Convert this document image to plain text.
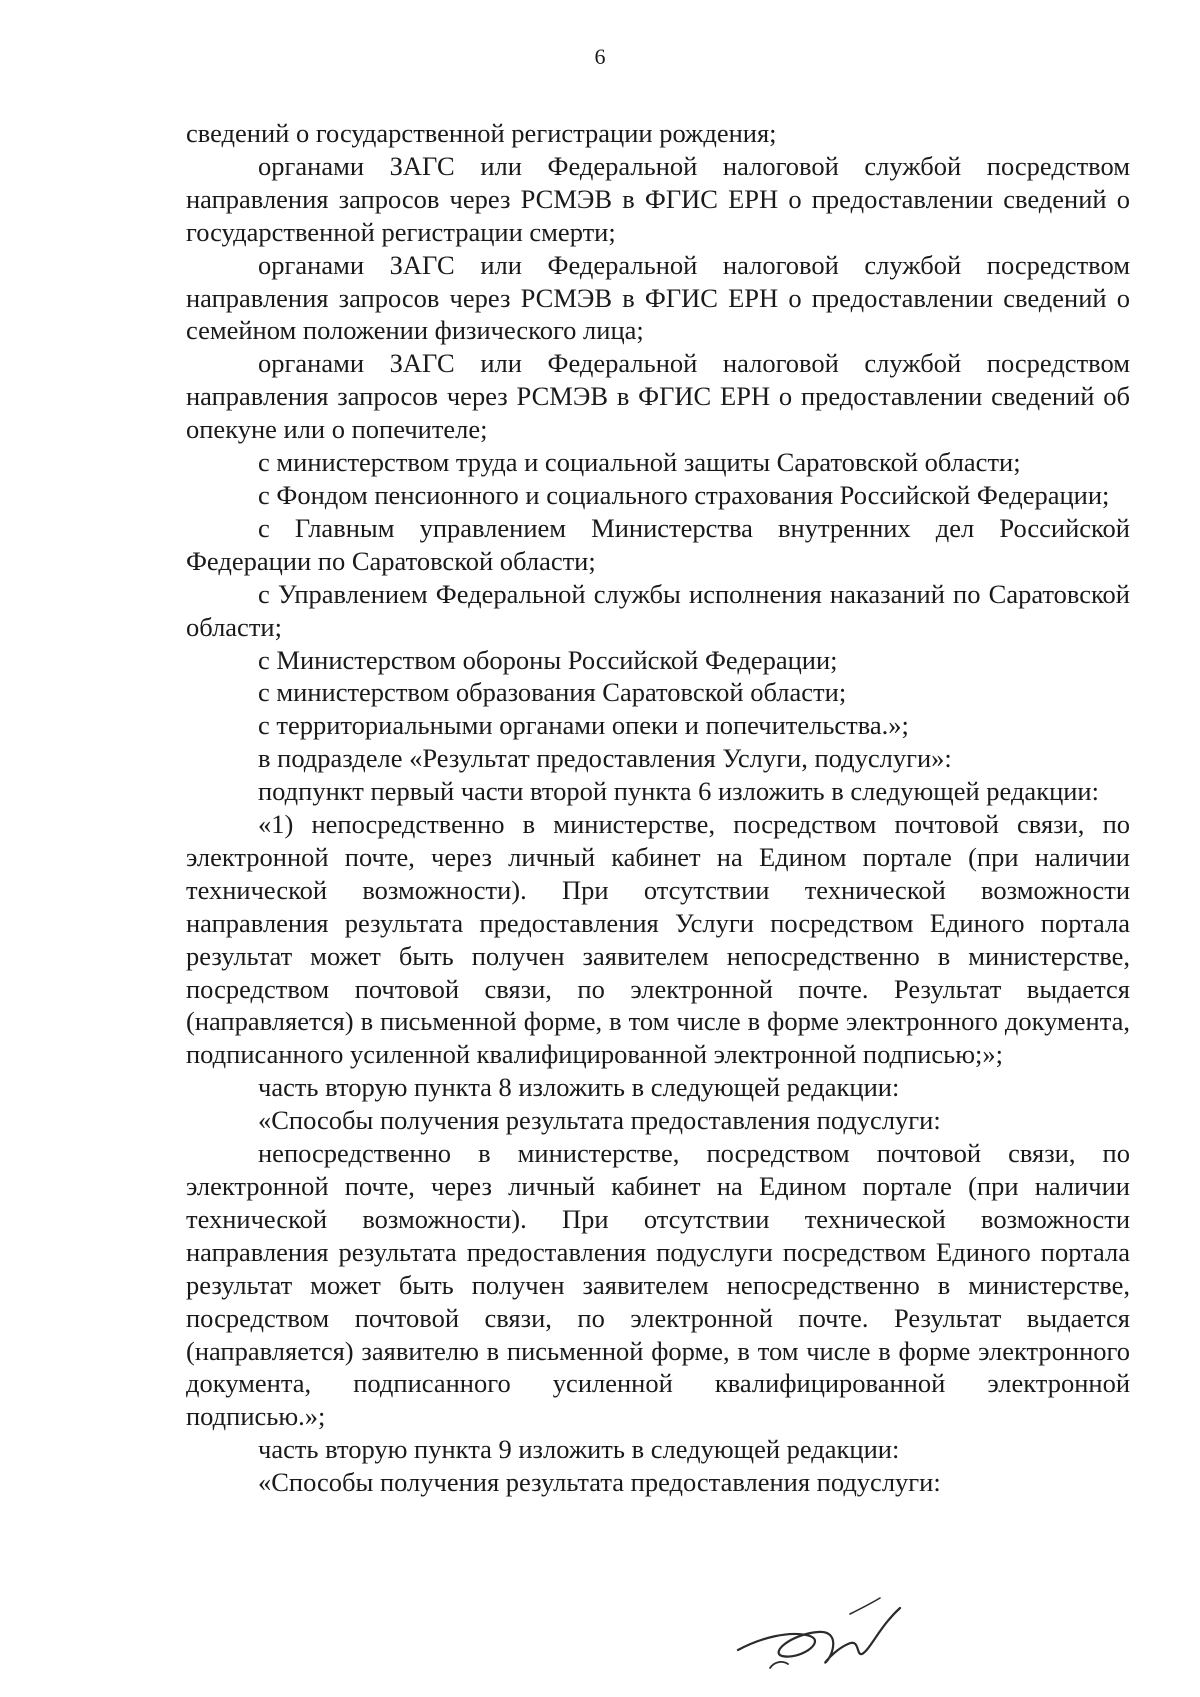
6

сведений о государственной регистрации рождения;

органами ЗАГС или Федеральной налоговой службой посредством направления запросов через РСМЭВ в ФГИС ЕРН о предоставлении сведений о государственной регистрации смерти;

органами ЗАГС или Федеральной налоговой службой посредством направления запросов через РСМЭВ в ФГИС ЕРН о предоставлении сведений о семейном положении физического лица;

органами ЗАГС или Федеральной налоговой службой посредством направления запросов через РСМЭВ в ФГИС ЕРН о предоставлении сведений об опекуне или о попечителе;

с министерством труда и социальной защиты Саратовской области;

с Фондом пенсионного и социального страхования Российской Федерации;

с Главным управлением Министерства внутренних дел Российской Федерации по Саратовской области;

с Управлением Федеральной службы исполнения наказаний по Саратовской области;

с Министерством обороны Российской Федерации;

с министерством образования Саратовской области;

с территориальными органами опеки и попечительства.»;

в подразделе «Результат предоставления Услуги, подуслуги»:

подпункт первый части второй пункта 6 изложить в следующей редакции:

«1) непосредственно в министерстве, посредством почтовой связи, по электронной почте, через личный кабинет на Едином портале (при наличии технической возможности). При отсутствии технической возможности направления результата предоставления Услуги посредством Единого портала результат может быть получен заявителем непосредственно в министерстве, посредством почтовой связи, по электронной почте. Результат выдается (направляется) в письменной форме, в том числе в форме электронного документа, подписанного усиленной квалифицированной электронной подписью;»;

часть вторую пункта 8 изложить в следующей редакции:

«Способы получения результата предоставления подуслуги:

непосредственно в министерстве, посредством почтовой связи, по электронной почте, через личный кабинет на Едином портале (при наличии технической возможности). При отсутствии технической возможности направления результата предоставления подуслуги посредством Единого портала результат может быть получен заявителем непосредственно в министерстве, посредством почтовой связи, по электронной почте. Результат выдается (направляется) заявителю в письменной форме, в том числе в форме электронного документа, подписанного усиленной квалифицированной электронной подписью.»;

часть вторую пункта 9 изложить в следующей редакции:

«Способы получения результата предоставления подуслуги:
